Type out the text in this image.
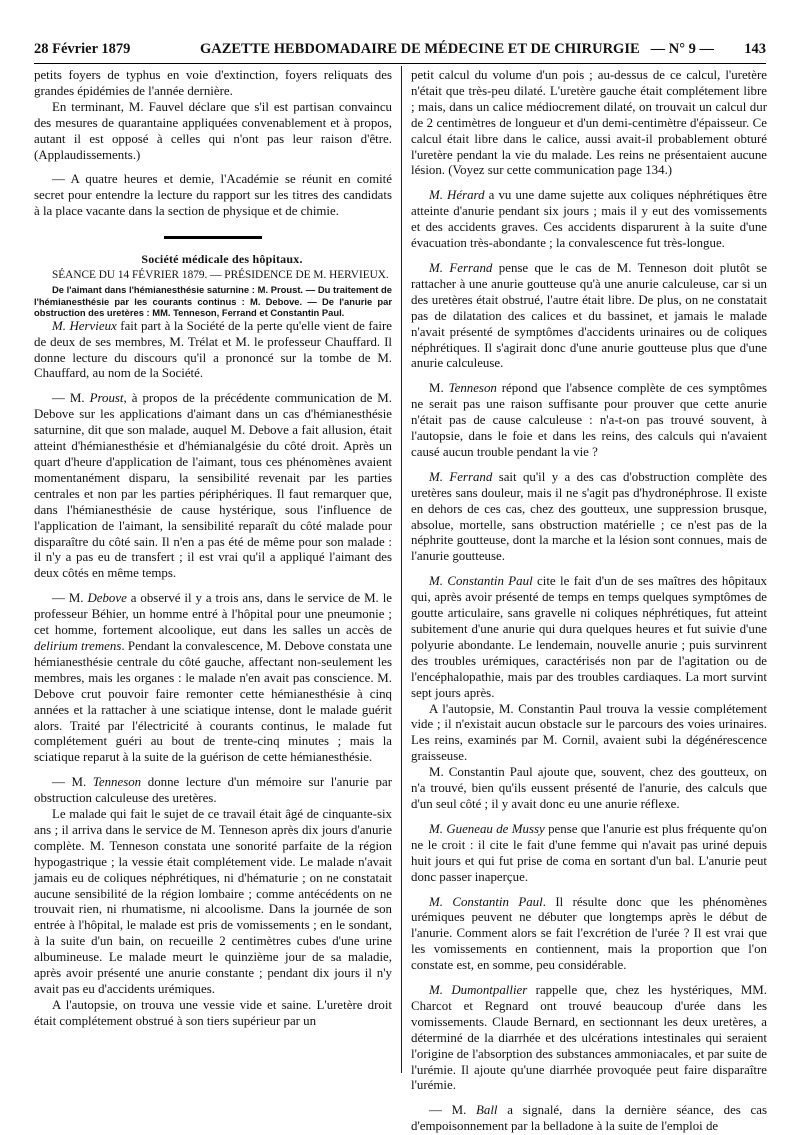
28 Février 1879	GAZETTE HEBDOMADAIRE DE MÉDECINE ET DE CHIRURGIE — N° 9 — 143

petits foyers de typhus en voie d'extinction, foyers reliquats des grandes épidémies de l'année dernière.

En terminant, M. Fauvel déclare que s'il est partisan convaincu des mesures de quarantaine appliquées convenablement et à propos, autant il est opposé à celles qui n'ont pas leur raison d'être. (Applaudissements.)

— A quatre heures et demie, l'Académie se réunit en comité secret pour entendre la lecture du rapport sur les titres des candidats à la place vacante dans la section de physique et de chimie.

Société médicale des hôpitaux.

SÉANCE DU 14 FÉVRIER 1879. — PRÉSIDENCE DE M. HERVIEUX.

De l'aimant dans l'hémianesthésie saturnine : M. Proust. — Du traitement de l'hémianesthésie par les courants continus : M. Debove. — De l'anurie par obstruction des uretères : MM. Tenneson, Ferrand et Constantin Paul.

M. Hervieux fait part à la Société de la perte qu'elle vient de faire de deux de ses membres, M. Trélat et M. le professeur Chauffard. Il donne lecture du discours qu'il a prononcé sur la tombe de M. Chauffard, au nom de la Société.

— M. Proust, à propos de la précédente communication de M. Debove sur les applications d'aimant dans un cas d'hémianesthésie saturnine, dit que son malade, auquel M. Debove a fait allusion, était atteint d'hémianesthésie et d'hémianalgésie du côté droit. Après un quart d'heure d'application de l'aimant, tous ces phénomènes avaient momentanément disparu, la sensibilité revenait par les parties centrales et non par les parties périphériques. Il faut remarquer que, dans l'hémianesthésie de cause hystérique, sous l'influence de l'application de l'aimant, la sensibilité reparaît du côté malade pour disparaître du côté sain. Il n'en a pas été de même pour son malade : il n'y a pas eu de transfert ; il est vrai qu'il a appliqué l'aimant des deux côtés en même temps.

— M. Debove a observé il y a trois ans, dans le service de M. le professeur Béhier, un homme entré à l'hôpital pour une pneumonie ; cet homme, fortement alcoolique, eut dans les salles un accès de delirium tremens. Pendant la convalescence, M. Debove constata une hémianesthésie centrale du côté gauche, affectant non-seulement les membres, mais les organes : le malade n'en avait pas conscience. M. Debove crut pouvoir faire remonter cette hémianesthésie à cinq années et la rattacher à une sciatique intense, dont le malade guérit alors. Traité par l'électricité à courants continus, le malade fut complétement guéri au bout de trente-cinq minutes ; mais la sciatique reparut à la suite de la guérison de cette hémianesthésie.

— M. Tenneson donne lecture d'un mémoire sur l'anurie par obstruction calculeuse des uretères.

Le malade qui fait le sujet de ce travail était âgé de cinquante-six ans ; il arriva dans le service de M. Tenneson après dix jours d'anurie complète. M. Tenneson constata une sonorité parfaite de la région hypogastrique ; la vessie était complétement vide. Le malade n'avait jamais eu de coliques néphrétiques, ni d'hématurie ; on ne constatait aucune sensibilité de la région lombaire ; comme antécédents on ne trouvait rien, ni rhumatisme, ni alcoolisme. Dans la journée de son entrée à l'hôpital, le malade est pris de vomissements ; en le sondant, à la suite d'un bain, on recueille 2 centimètres cubes d'une urine albumineuse. Le malade meurt le quinzième jour de sa maladie, après avoir présenté une anurie constante ; pendant dix jours il n'y avait pas eu d'accidents urémiques.

A l'autopsie, on trouva une vessie vide et saine. L'uretère droit était complétement obstrué à son tiers supérieur par un

petit calcul du volume d'un pois ; au-dessus de ce calcul, l'uretère n'était que très-peu dilaté. L'uretère gauche était complétement libre ; mais, dans un calice médiocrement dilaté, on trouvait un calcul dur de 2 centimètres de longueur et d'un demi-centimètre d'épaisseur. Ce calcul était libre dans le calice, aussi avait-il probablement obturé l'uretère pendant la vie du malade. Les reins ne présentaient aucune lésion. (Voyez sur cette communication page 134.)

M. Hérard a vu une dame sujette aux coliques néphrétiques être atteinte d'anurie pendant six jours ; mais il y eut des vomissements et des accidents graves. Ces accidents disparurent à la suite d'une évacuation très-abondante ; la convalescence fut très-longue.

M. Ferrand pense que le cas de M. Tenneson doit plutôt se rattacher à une anurie goutteuse qu'à une anurie calculeuse, car si un des uretères était obstrué, l'autre était libre. De plus, on ne constatait pas de dilatation des calices et du bassinet, et jamais le malade n'avait présenté de symptômes d'accidents urinaires ou de coliques néphrétiques. Il s'agirait donc d'une anurie goutteuse plus que d'une anurie calculeuse.

M. Tenneson répond que l'absence complète de ces symptômes ne serait pas une raison suffisante pour prouver que cette anurie n'était pas de cause calculeuse : n'a-t-on pas trouvé souvent, à l'autopsie, dans le foie et dans les reins, des calculs qui n'avaient causé aucun trouble pendant la vie ?

M. Ferrand sait qu'il y a des cas d'obstruction complète des uretères sans douleur, mais il ne s'agit pas d'hydronéphrose. Il existe en dehors de ces cas, chez des goutteux, une suppression brusque, absolue, mortelle, sans obstruction matérielle ; ce n'est pas de la néphrite goutteuse, dont la marche et la lésion sont connues, mais de l'anurie goutteuse.

M. Constantin Paul cite le fait d'un de ses maîtres des hôpitaux qui, après avoir présenté de temps en temps quelques symptômes de goutte articulaire, sans gravelle ni coliques néphrétiques, fut atteint subitement d'une anurie qui dura quelques heures et fut suivie d'une polyurie abondante. Le lendemain, nouvelle anurie ; puis survinrent des troubles urémiques, caractérisés non par de l'agitation ou de l'encéphalopathie, mais par des troubles cardiaques. La mort survint sept jours après.

A l'autopsie, M. Constantin Paul trouva la vessie complétement vide ; il n'existait aucun obstacle sur le parcours des voies urinaires. Les reins, examinés par M. Cornil, avaient subi la dégénérescence graisseuse.

M. Constantin Paul ajoute que, souvent, chez des goutteux, on n'a trouvé, bien qu'ils eussent présenté de l'anurie, des calculs que d'un seul côté ; il y avait donc eu une anurie réflexe.

M. Gueneau de Mussy pense que l'anurie est plus fréquente qu'on ne le croit : il cite le fait d'une femme qui n'avait pas uriné depuis huit jours et qui fut prise de coma en sortant d'un bal. L'anurie peut donc passer inaperçue.

M. Constantin Paul. Il résulte donc que les phénomènes urémiques peuvent ne débuter que longtemps après le début de l'anurie. Comment alors se fait l'excrétion de l'urée ? Il est vrai que les vomissements en contiennent, mais la proportion que l'on constate est, en somme, peu considérable.

M. Dumontpallier rappelle que, chez les hystériques, MM. Charcot et Regnard ont trouvé beaucoup d'urée dans les vomissements. Claude Bernard, en sectionnant les deux uretères, a déterminé de la diarrhée et des ulcérations intestinales qui seraient l'origine de l'absorption des substances ammoniacales, et par suite de l'urémie. Il ajoute qu'une diarrhée provoquée peut faire disparaître l'urémie.

— M. Ball a signalé, dans la dernière séance, des cas d'empoisonnement par la belladone à la suite de l'emploi de
